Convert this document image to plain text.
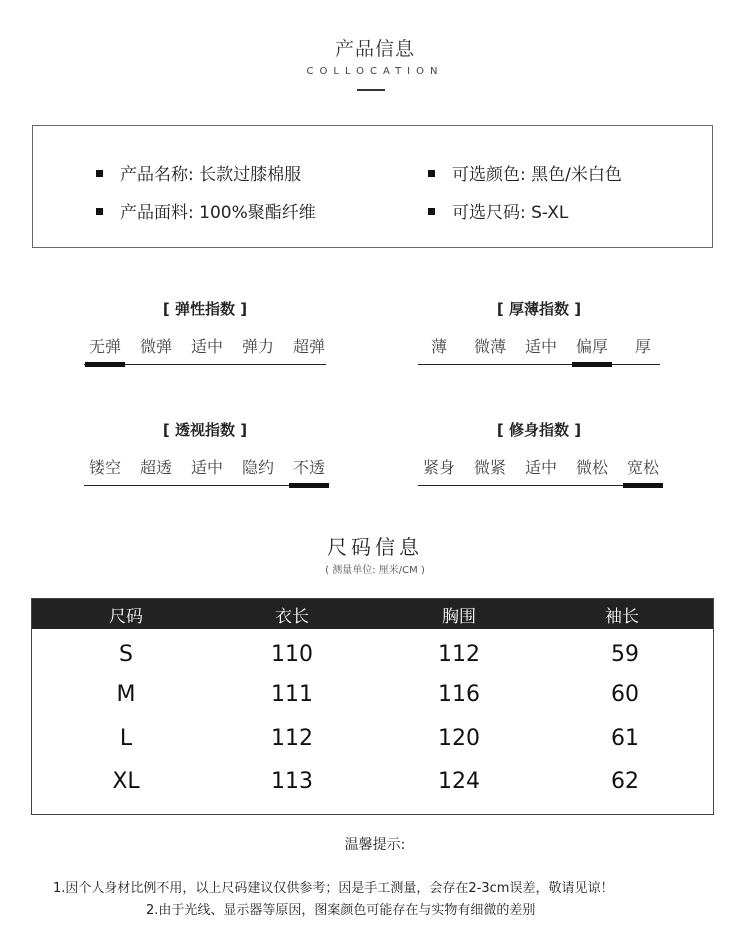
产品信息
COLLOCATION
产品名称: 长款过膝棉服
产品面料: 100%聚酯纤维
可选颜色: 黑色/米白色
可选尺码: S-XL
[ 弹性指数 ]
无弹	微弹	适中	弹力	超弹
[ 厚薄指数 ]
薄	微薄	适中	偏厚	厚
[ 透视指数 ]
镂空	超透	适中	隐约	不透
[ 修身指数 ]
紧身	微紧	适中	微松	宽松
尺码信息
( 测量单位: 厘米/CM )
尺码	衣长	胸围	袖长
S	110	112	59
M	111	116	60
L	112	120	61
XL	113	124	62
温馨提示:
1.因个人身材比例不用，以上尺码建议仅供参考；因是手工测量，会存在2-3cm误差，敬请见谅！
2.由于光线、显示器等原因，图案颜色可能存在与实物有细微的差别
